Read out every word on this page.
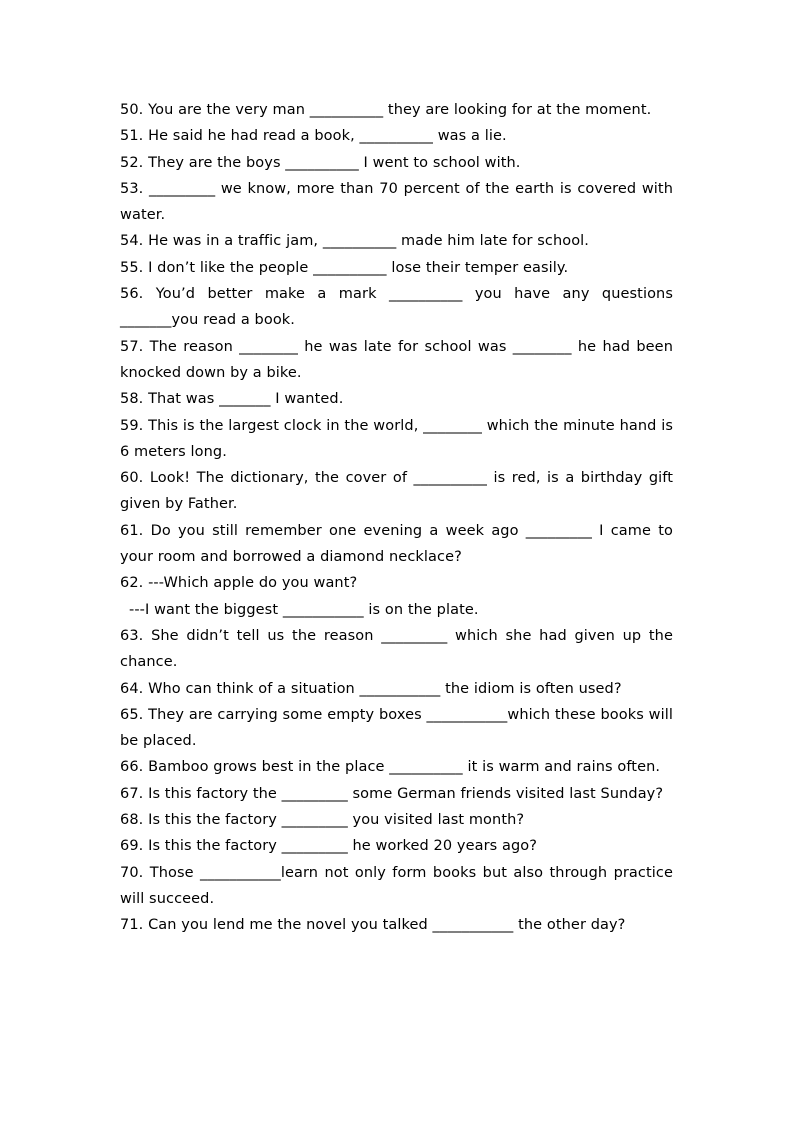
50. You are the very man __________ they are looking for at the moment.

51. He said he had read a book, __________ was a lie.

52. They are the boys __________ I went to school with.

53. _________ we know, more than 70 percent of the earth is covered with water.

54. He was in a traffic jam, __________ made him late for school.

55. I don’t like the people __________ lose their temper easily.

56. You’d better make a mark __________ you have any questions _______you read a book.

57. The reason ________ he was late for school was ________ he had been knocked down by a bike.

58. That was _______ I wanted.

59. This is the largest clock in the world, ________ which the minute hand is 6 meters long.

60. Look! The dictionary, the cover of __________ is red, is a birthday gift given by Father.

61. Do you still remember one evening a week ago _________ I came to your room and borrowed a diamond necklace?

62. ---Which apple do you want?

---I want the biggest ___________ is on the plate.

63. She didn’t tell us the reason _________ which she had given up the chance.

64. Who can think of a situation ___________ the idiom is often used?

65. They are carrying some empty boxes ___________which these books will be placed.

66. Bamboo grows best in the place __________ it is warm and rains often.

67. Is this factory the _________ some German friends visited last Sunday?

68. Is this the factory _________ you visited last month?

69. Is this the factory _________ he worked 20 years ago?

70. Those ___________learn not only form books but also through practice will succeed.

71. Can you lend me the novel you talked ___________ the other day?
